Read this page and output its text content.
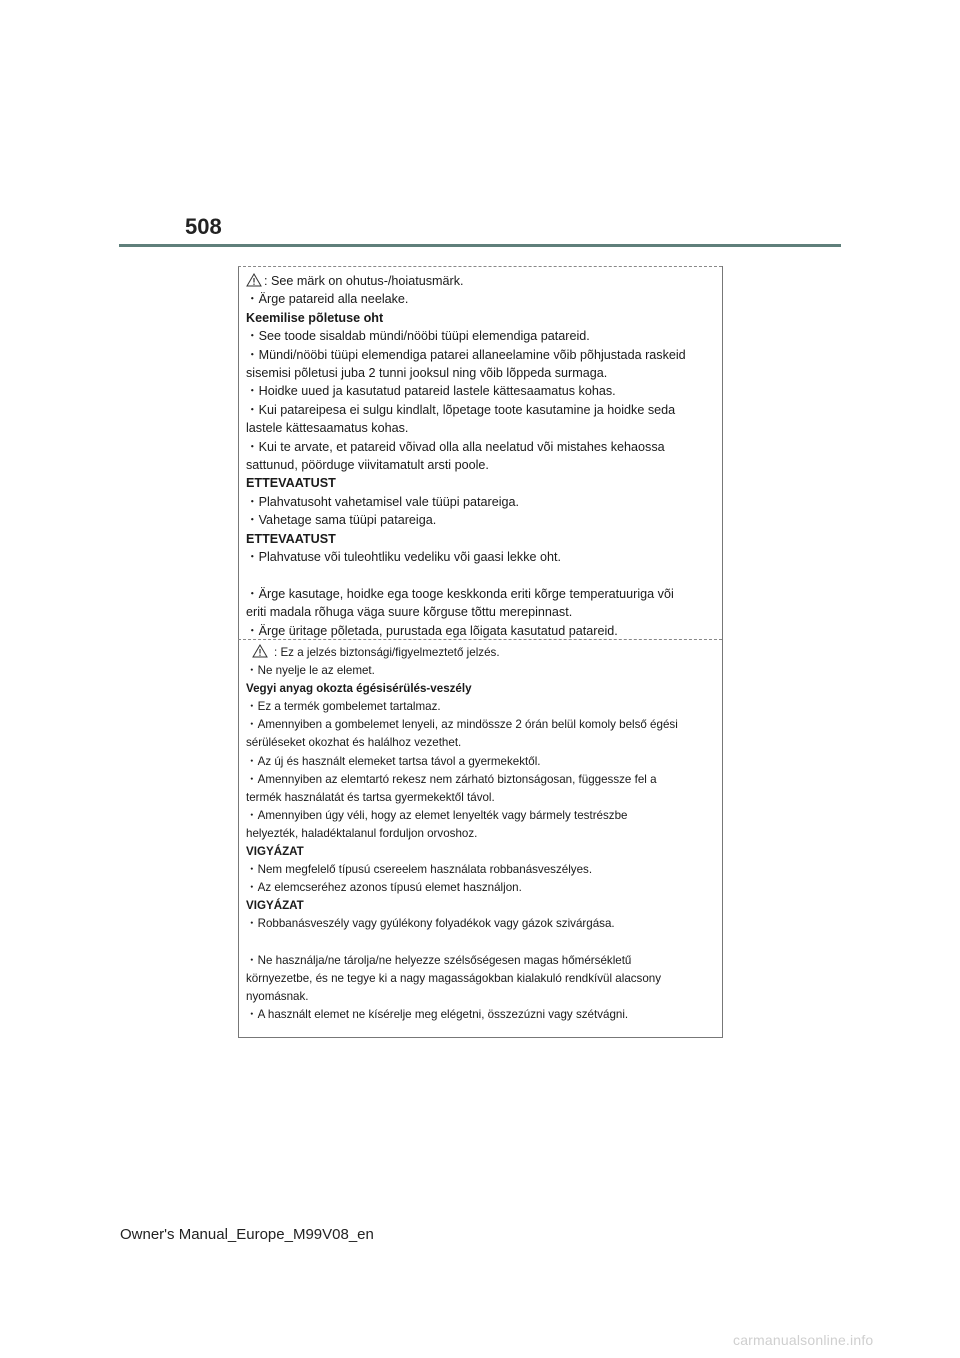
508
: See märk on ohutus-/hoiatusmärk.
・Ärge patareid alla neelake.
Keemilise põletuse oht
・See toode sisaldab mündi/nööbi tüüpi elemendiga patareid.
・Mündi/nööbi tüüpi elemendiga patarei allaneelamine võib põhjustada raskeid
sisemisi põletusi juba 2 tunni jooksul ning võib lõppeda surmaga.
・Hoidke uued ja kasutatud patareid lastele kättesaamatus kohas.
・Kui patareipesa ei sulgu kindlalt, lõpetage toote kasutamine ja hoidke seda
lastele kättesaamatus kohas.
・Kui te arvate, et patareid võivad olla alla neelatud või mistahes kehaossa
sattunud, pöörduge viivitamatult arsti poole.
ETTEVAATUST
・Plahvatusoht vahetamisel vale tüüpi patareiga.
・Vahetage sama tüüpi patareiga.
ETTEVAATUST
・Plahvatuse või tuleohtliku vedeliku või gaasi lekke oht.

・Ärge kasutage, hoidke ega tooge keskkonda eriti kõrge temperatuuriga või
eriti madala rõhuga väga suure kõrguse tõttu merepinnast.
・Ärge üritage põletada, purustada ega lõigata kasutatud patareid.
: Ez a jelzés biztonsági/figyelmeztető jelzés.
・Ne nyelje le az elemet.
Vegyi anyag okozta égésisérülés-veszély
・Ez a termék gombelemet tartalmaz.
・Amennyiben a gombelemet lenyeli, az mindössze 2 órán belül komoly belső égési
sérüléseket okozhat és halálhoz vezethet.
・Az új és használt elemeket tartsa távol a gyermekektől.
・Amennyiben az elemtartó rekesz nem zárható biztonságosan, függessze fel a
termék használatát és tartsa gyermekektől távol.
・Amennyiben úgy véli, hogy az elemet lenyelték vagy bármely testrészbe
helyezték, haladéktalanul forduljon orvoshoz.
VIGYÁZAT
・Nem megfelelő típusú csereelem használata robbanásveszélyes.
・Az elemcseréhez azonos típusú elemet használjon.
VIGYÁZAT
・Robbanásveszély vagy gyúlékony folyadékok vagy gázok szivárgása.

・Ne használja/ne tárolja/ne helyezze szélsőségesen magas hőmérsékletű
környezetbe, és ne tegye ki a nagy magasságokban kialakuló rendkívül alacsony
nyomásnak.
・A használt elemet ne kísérelje meg elégetni, összezúzni vagy szétvágni.
Owner's Manual_Europe_M99V08_en
carmanualsonline.info
